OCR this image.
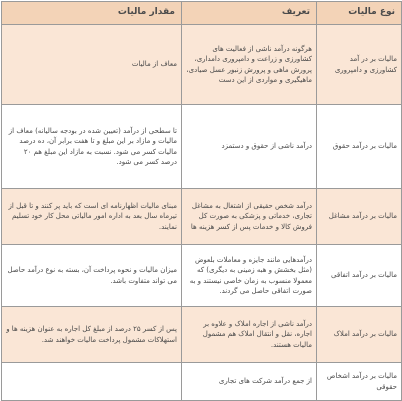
نوع مالیات	تعریف	مقدار مالیات
مالیات بر در آمد کشاورزی و دامپروری	هرگونه درآمد ناشی از فعالیت های کشاورزی و زراعت و دامپروری دامداری، پرورش ماهی و پرورش زنبور عسل صیادی، ماهیگیری و مواردی از این دست	معاف از مالیات
مالیات بر درآمد حقوق	درآمد ناشی از حقوق و دستمزد	تا سطحی از درآمد (تعیین شده در بودجه سالیانه) معاف از مالیات و مازاد بر این مبلغ و تا هفت برابر آن، ده درصد مالیات کسر می شود. نسبت به مازاد این مبلغ هم ۲۰ درصد کسر می شود.
مالیات بر درآمد مشاغل	درآمد شخص حقیقی از اشتغال به مشاغل تجاری، خدماتی و پزشکی به صورت کل فروش کالا و خدمات پس از کسر هزینه ها	مبنای مالیات اظهارنامه ای است که باید پر کنند و تا قبل از تیرماه سال بعد به اداره امور مالیاتی محل کار خود تسلیم نمایند.
مالیات بر درآمد اتفاقی	درآمدهایی مانند جایزه و معاملات بلعوض (مثل بخشش و هبه زمینی به دیگری) که معمولا منسوب به زمان خاصی نیستند و به صورت اتفاقی حاصل می گردند.	میزان مالیات و نحوه پرداخت آن، بسته به نوع درآمد حاصل می تواند متفاوت باشد.
مالیات بر درآمد املاک	درآمد ناشی از اجاره املاک و علاوه بر اجاره، نقل و انتقال املاک هم مشمول مالیات هستند.	پس از کسر ۲۵ درصد از مبلغ کل اجاره به عنوان هزینه ها و استهلاکات مشمول پرداخت مالیات خواهند شد.
مالیات بر درآمد اشخاص حقوقی	از جمع درآمد شرکت های تجاری	
